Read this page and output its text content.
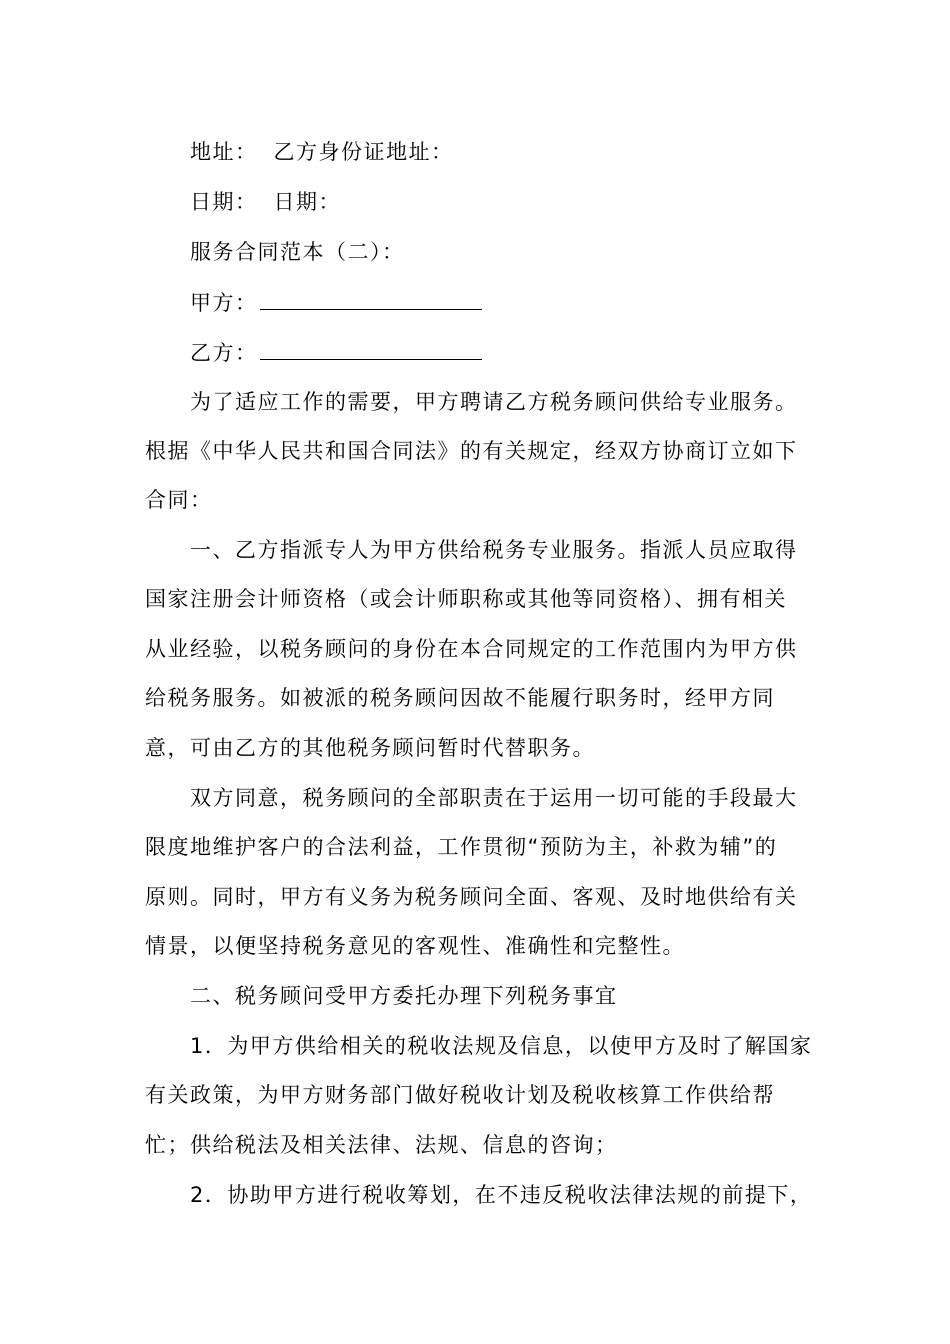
地址： 乙方身份证地址：
日期： 日期：
服务合同范本（二）：
甲方：
乙方：
为了适应工作的需要，甲方聘请乙方税务顾问供给专业服务。
根据《中华人民共和国合同法》的有关规定，经双方协商订立如下
合同：
一、乙方指派专人为甲方供给税务专业服务。指派人员应取得
国家注册会计师资格（或会计师职称或其他等同资格）、拥有相关
从业经验，以税务顾问的身份在本合同规定的工作范围内为甲方供
给税务服务。如被派的税务顾问因故不能履行职务时，经甲方同
意，可由乙方的其他税务顾问暂时代替职务。
双方同意，税务顾问的全部职责在于运用一切可能的手段最大
限度地维护客户的合法利益，工作贯彻“预防为主，补救为辅”的
原则。同时，甲方有义务为税务顾问全面、客观、及时地供给有关
情景，以便坚持税务意见的客观性、准确性和完整性。
二、税务顾问受甲方委托办理下列税务事宜
1．为甲方供给相关的税收法规及信息，以使甲方及时了解国家
有关政策，为甲方财务部门做好税收计划及税收核算工作供给帮
忙；供给税法及相关法律、法规、信息的咨询；
2．协助甲方进行税收筹划，在不违反税收法律法规的前提下，
